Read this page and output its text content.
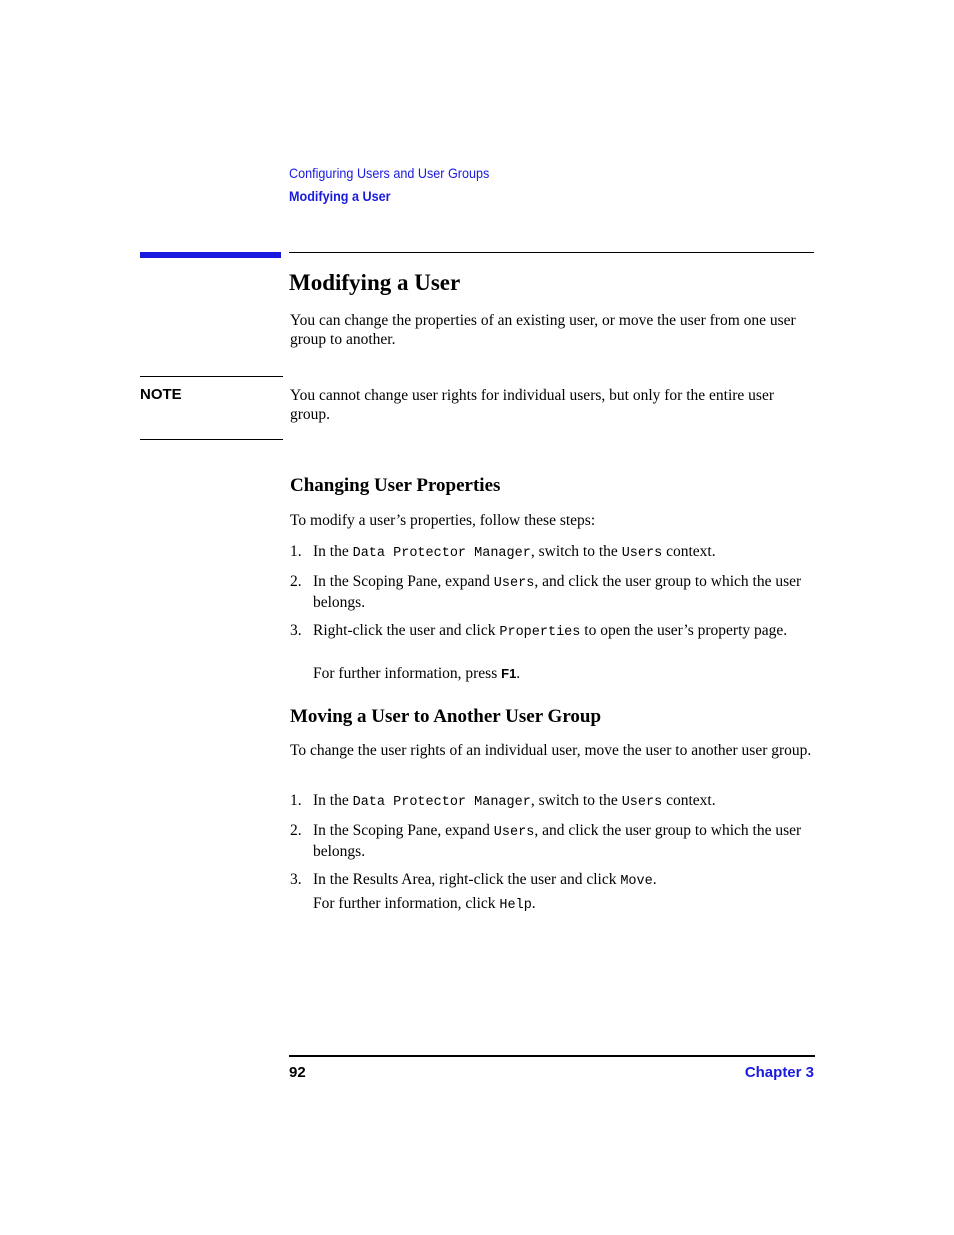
Configuring Users and User Groups
Modifying a User
Modifying a User

You can change the properties of an existing user, or move the user from one user group to another.

NOTE	You cannot change user rights for individual users, but only for the entire user group.

Changing User Properties

To modify a user’s properties, follow these steps:

1. In the Data Protector Manager, switch to the Users context.
2. In the Scoping Pane, expand Users, and click the user group to which the user belongs.
3. Right-click the user and click Properties to open the user’s property page.

For further information, press F1.

Moving a User to Another User Group

To change the user rights of an individual user, move the user to another user group.

1. In the Data Protector Manager, switch to the Users context.
2. In the Scoping Pane, expand Users, and click the user group to which the user belongs.
3. In the Results Area, right-click the user and click Move.

For further information, click Help.

92	Chapter 3
